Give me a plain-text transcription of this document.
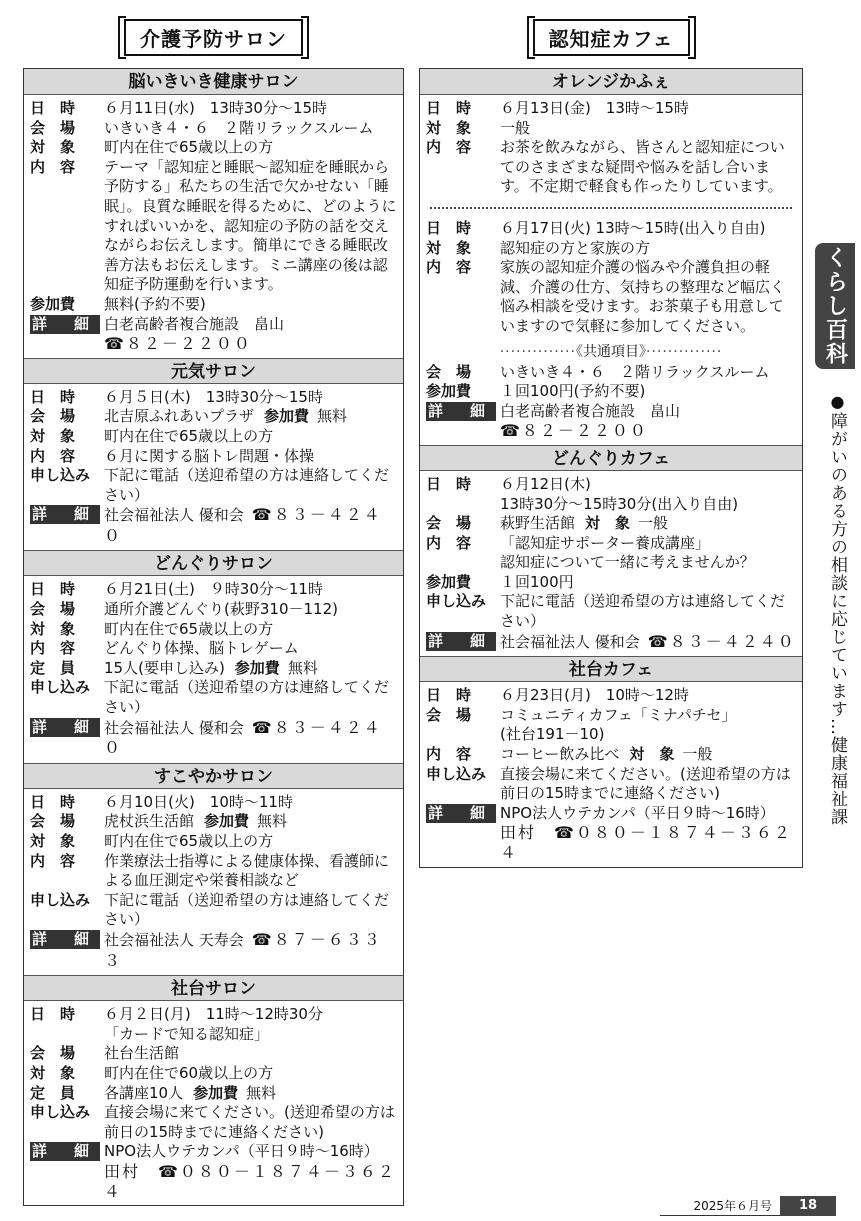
介護予防サロン
脳いきいき健康サロン
日　時	６月11日(水)　13時30分～15時
会　場	いきいき４・６　２階リラックスルーム
対　象	町内在住で65歳以上の方
内　容	テーマ「認知症と睡眠～認知症を睡眠から予防する」私たちの生活で欠かせない「睡眠」。良質な睡眠を得るために、どのようにすればいいかを、認知症の予防の話を交えながらお伝えします。簡単にできる睡眠改善方法もお伝えします。ミニ講座の後は認知症予防運動を行います。
参加費	無料(予約不要)
詳　細 白老高齢者複合施設　畠山
☎８２－２２００
元気サロン
日　時	６月５日(木)　13時30分～15時
会　場	北吉原ふれあいプラザ 参加費 無料
対　象	町内在住で65歳以上の方
内　容	６月に関する脳トレ問題・体操
申し込み 下記に電話（送迎希望の方は連絡してください）
詳　細 社会福祉法人 優和会 ☎８３－４２４０
どんぐりサロン
日　時	６月21日(土)　９時30分～11時
会　場	通所介護どんぐり(萩野310－112)
対　象	町内在住で65歳以上の方
内　容	どんぐり体操、脳トレゲーム
定　員	15人(要申し込み) 参加費 無料
申し込み 下記に電話（送迎希望の方は連絡してください）
詳　細 社会福祉法人 優和会 ☎８３－４２４０
すこやかサロン
日　時	６月10日(火)　10時～11時
会　場	虎杖浜生活館 参加費 無料
対　象	町内在住で65歳以上の方
内　容	作業療法士指導による健康体操、看護師による血圧測定や栄養相談など
申し込み 下記に電話（送迎希望の方は連絡してください）
詳　細 社会福祉法人 天寿会 ☎８７－６３３３
社台サロン
日　時	６月２日(月)　11時～12時30分
「カードで知る認知症」
会　場	社台生活館
対　象	町内在住で60歳以上の方
定　員	各講座10人 参加費 無料
申し込み 直接会場に来てください。(送迎希望の方は前日の15時までに連絡ください)
詳　細 NPO法人ウテカンパ（平日９時～16時）
田村　☎０８０－１８７４－３６２４
認知症カフェ
オレンジかふぇ
日　時	６月13日(金)　13時～15時
対　象	一般
内　容	お茶を飲みながら、皆さんと認知症についてのさまざまな疑問や悩みを話し合います。不定期で軽食も作ったりしています。
日　時	６月17日(火) 13時～15時(出入り自由)
対　象	認知症の方と家族の方
内　容	家族の認知症介護の悩みや介護負担の軽減、介護の仕方、気持ちの整理など幅広く悩み相談を受けます。お茶菓子も用意していますので気軽に参加してください。
····· 《共通項目》 ·····
会　場	いきいき４・６　２階リラックスルーム
参加費	１回100円(予約不要)
詳　細 白老高齢者複合施設　畠山
☎８２－２２００
どんぐりカフェ
日　時	６月12日(木)
13時30分～15時30分(出入り自由)
会　場	萩野生活館 対　象 一般
内　容	「認知症サポーター養成講座」
認知症について一緒に考えませんか？
参加費	１回100円
申し込み 下記に電話（送迎希望の方は連絡してください）
詳　細 社会福祉法人 優和会 ☎８３－４２４０
社台カフェ
日　時	６月23日(月)　10時～12時
会　場	コミュニティカフェ「ミナパチセ」
(社台191－10)
内　容	コーヒー飲み比べ 対　象 一般
申し込み 直接会場に来てください。(送迎希望の方は前日の15時までに連絡ください)
詳　細 NPO法人ウテカンパ（平日９時～16時）
田村　☎０８０－１８７４－３６２４
くらし百科
●障がいのある方の相談に応じています…健康福祉課
2025年６月号	18
